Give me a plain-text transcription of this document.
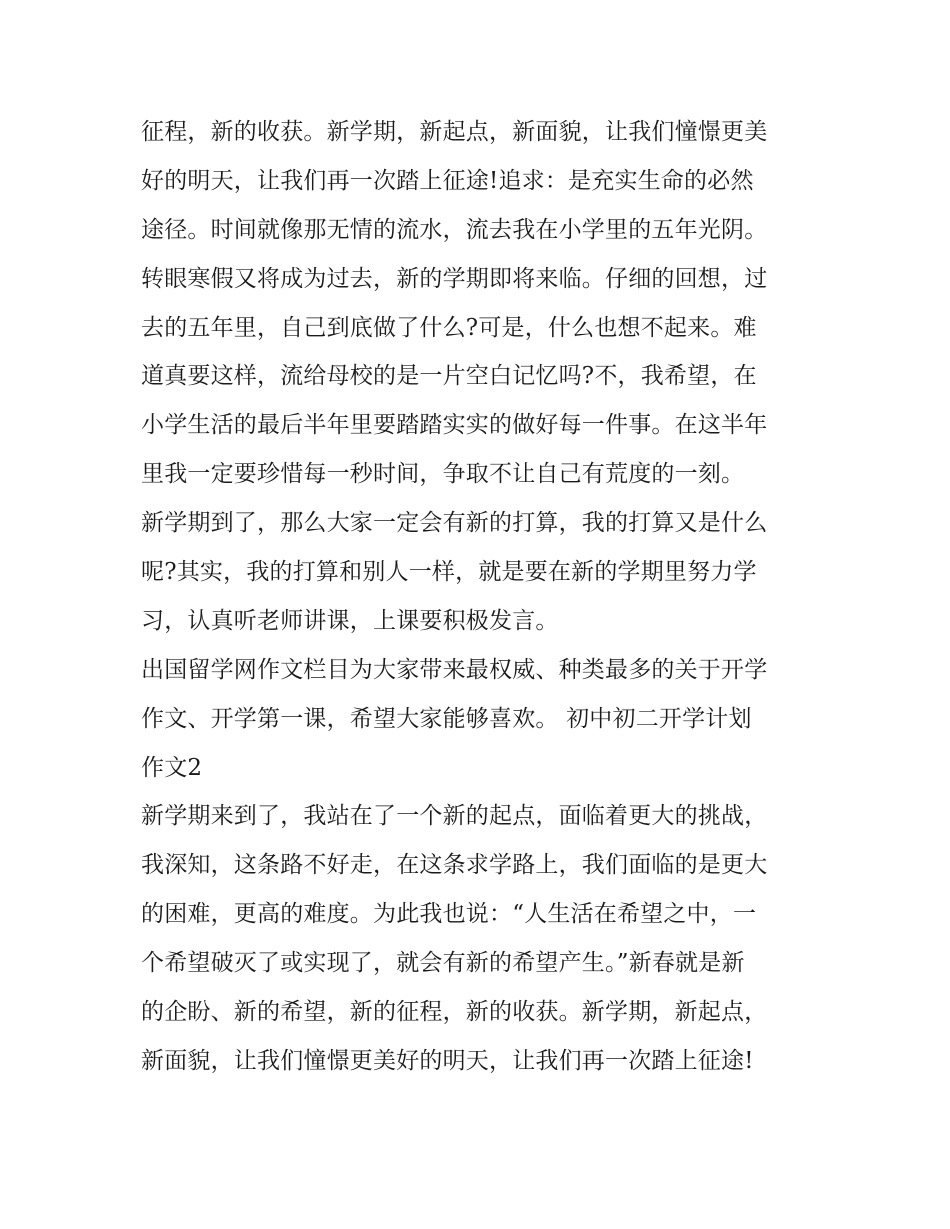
征程，新的收获。新学期，新起点，新面貌，让我们憧憬更美
好的明天，让我们再一次踏上征途!追求：是充实生命的必然
途径。时间就像那无情的流水，流去我在小学里的五年光阴。
转眼寒假又将成为过去，新的学期即将来临。仔细的回想，过
去的五年里，自己到底做了什么?可是，什么也想不起来。难
道真要这样，流给母校的是一片空白记忆吗?不，我希望，在
小学生活的最后半年里要踏踏实实的做好每一件事。在这半年
里我一定要珍惜每一秒时间，争取不让自己有荒度的一刻。
新学期到了，那么大家一定会有新的打算，我的打算又是什么
呢?其实，我的打算和别人一样，就是要在新的学期里努力学
习，认真听老师讲课，上课要积极发言。
出国留学网作文栏目为大家带来最权威、种类最多的关于开学
作文、开学第一课，希望大家能够喜欢。 初中初二开学计划
作文2
新学期来到了，我站在了一个新的起点，面临着更大的挑战，
我深知，这条路不好走，在这条求学路上，我们面临的是更大
的困难，更高的难度。为此我也说：“人生活在希望之中，一
个希望破灭了或实现了，就会有新的希望产生。”新春就是新
的企盼、新的希望，新的征程，新的收获。新学期，新起点，
新面貌，让我们憧憬更美好的明天，让我们再一次踏上征途!
